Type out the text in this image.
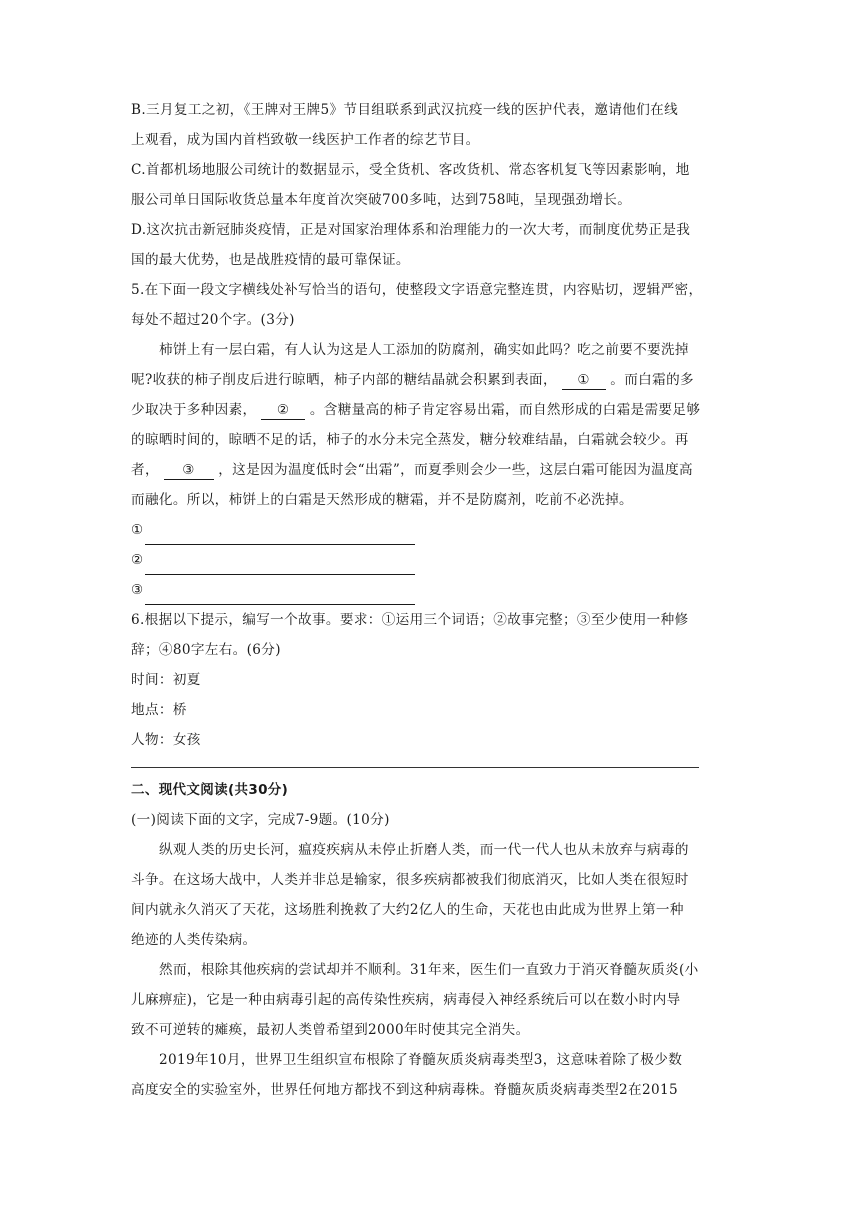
B.三月复工之初，《王牌对王牌5》节目组联系到武汉抗疫一线的医护代表，邀请他们在线
上观看，成为国内首档致敬一线医护工作者的综艺节目。
C.首都机场地服公司统计的数据显示，受全货机、客改货机、常态客机复飞等因素影响，地
服公司单日国际收货总量本年度首次突破700多吨，达到758吨，呈现强劲增长。
D.这次抗击新冠肺炎疫情，正是对国家治理体系和治理能力的一次大考，而制度优势正是我
国的最大优势，也是战胜疫情的最可靠保证。
5.在下面一段文字横线处补写恰当的语句，使整段文字语意完整连贯，内容贴切，逻辑严密，
每处不超过20个字。(3分)
柿饼上有一层白霜，有人认为这是人工添加的防腐剂，确实如此吗？吃之前要不要洗掉
呢?收获的柿子削皮后进行晾晒，柿子内部的糖结晶就会积累到表面， ① 。而白霜的多
少取决于多种因素， ② 。含糖量高的柿子肯定容易出霜，而自然形成的白霜是需要足够
的晾晒时间的，晾晒不足的话，柿子的水分未完全蒸发，糖分较难结晶，白霜就会较少。再
者， ③ ，这是因为温度低时会“出霜”，而夏季则会少一些，这层白霜可能因为温度高
而融化。所以，柿饼上的白霜是天然形成的糖霜，并不是防腐剂，吃前不必洗掉。
①
②
③
6.根据以下提示，编写一个故事。要求：①运用三个词语；②故事完整；③至少使用一种修
辞；④80字左右。(6分)
时间：初夏
地点：桥
人物：女孩
二、现代文阅读(共30分)
(一)阅读下面的文字，完成7-9题。(10分)
纵观人类的历史长河，瘟疫疾病从未停止折磨人类，而一代一代人也从未放弃与病毒的
斗争。在这场大战中，人类并非总是输家，很多疾病都被我们彻底消灭，比如人类在很短时
间内就永久消灭了天花，这场胜利挽救了大约2亿人的生命，天花也由此成为世界上第一种
绝迹的人类传染病。
然而，根除其他疾病的尝试却并不顺利。31年来，医生们一直致力于消灭脊髓灰质炎(小
儿麻痹症)，它是一种由病毒引起的高传染性疾病，病毒侵入神经系统后可以在数小时内导
致不可逆转的瘫痪，最初人类曾希望到2000年时使其完全消失。
2019年10月，世界卫生组织宣布根除了脊髓灰质炎病毒类型3，这意味着除了极少数
高度安全的实验室外，世界任何地方都找不到这种病毒株。脊髓灰质炎病毒类型2在2015
